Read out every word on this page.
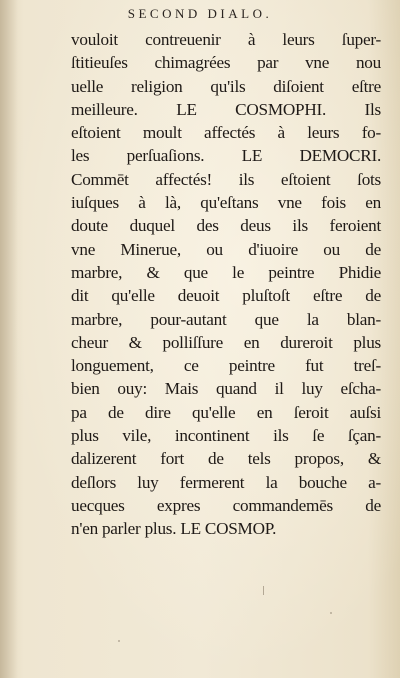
SECOND DIALO.
vouloit contreuenir à leurs ſuper-
ſtitieuſes chimagrées par vne nou
uelle religion qu'ils diſoient eſtre
meilleure. LE COSMOPHI. Ils
eſtoient moult affectés à leurs fo-
les perſuaſions. LE DEMOCRI.
Commēt affectés! ils eſtoient ſots
iuſques à là, qu'eſtans vne fois en
doute duquel des deus ils feroient
vne Minerue, ou d'iuoire ou de
marbre, & que le peintre Phidie
dit qu'elle deuoit pluſtoſt eſtre de
marbre, pour-autant que la blan-
cheur & polliſſure en dureroit plus
longuement, ce peintre fut treſ-
bien ouy: Mais quand il luy eſcha-
pa de dire qu'elle en ſeroit auſsi
plus vile, incontinent ils ſe ſçan-
dalizerent fort de tels propos, &
deſlors luy fermerent la bouche a-
uecques expres commandemēs de
n'en parler plus. LE COSMOP.
